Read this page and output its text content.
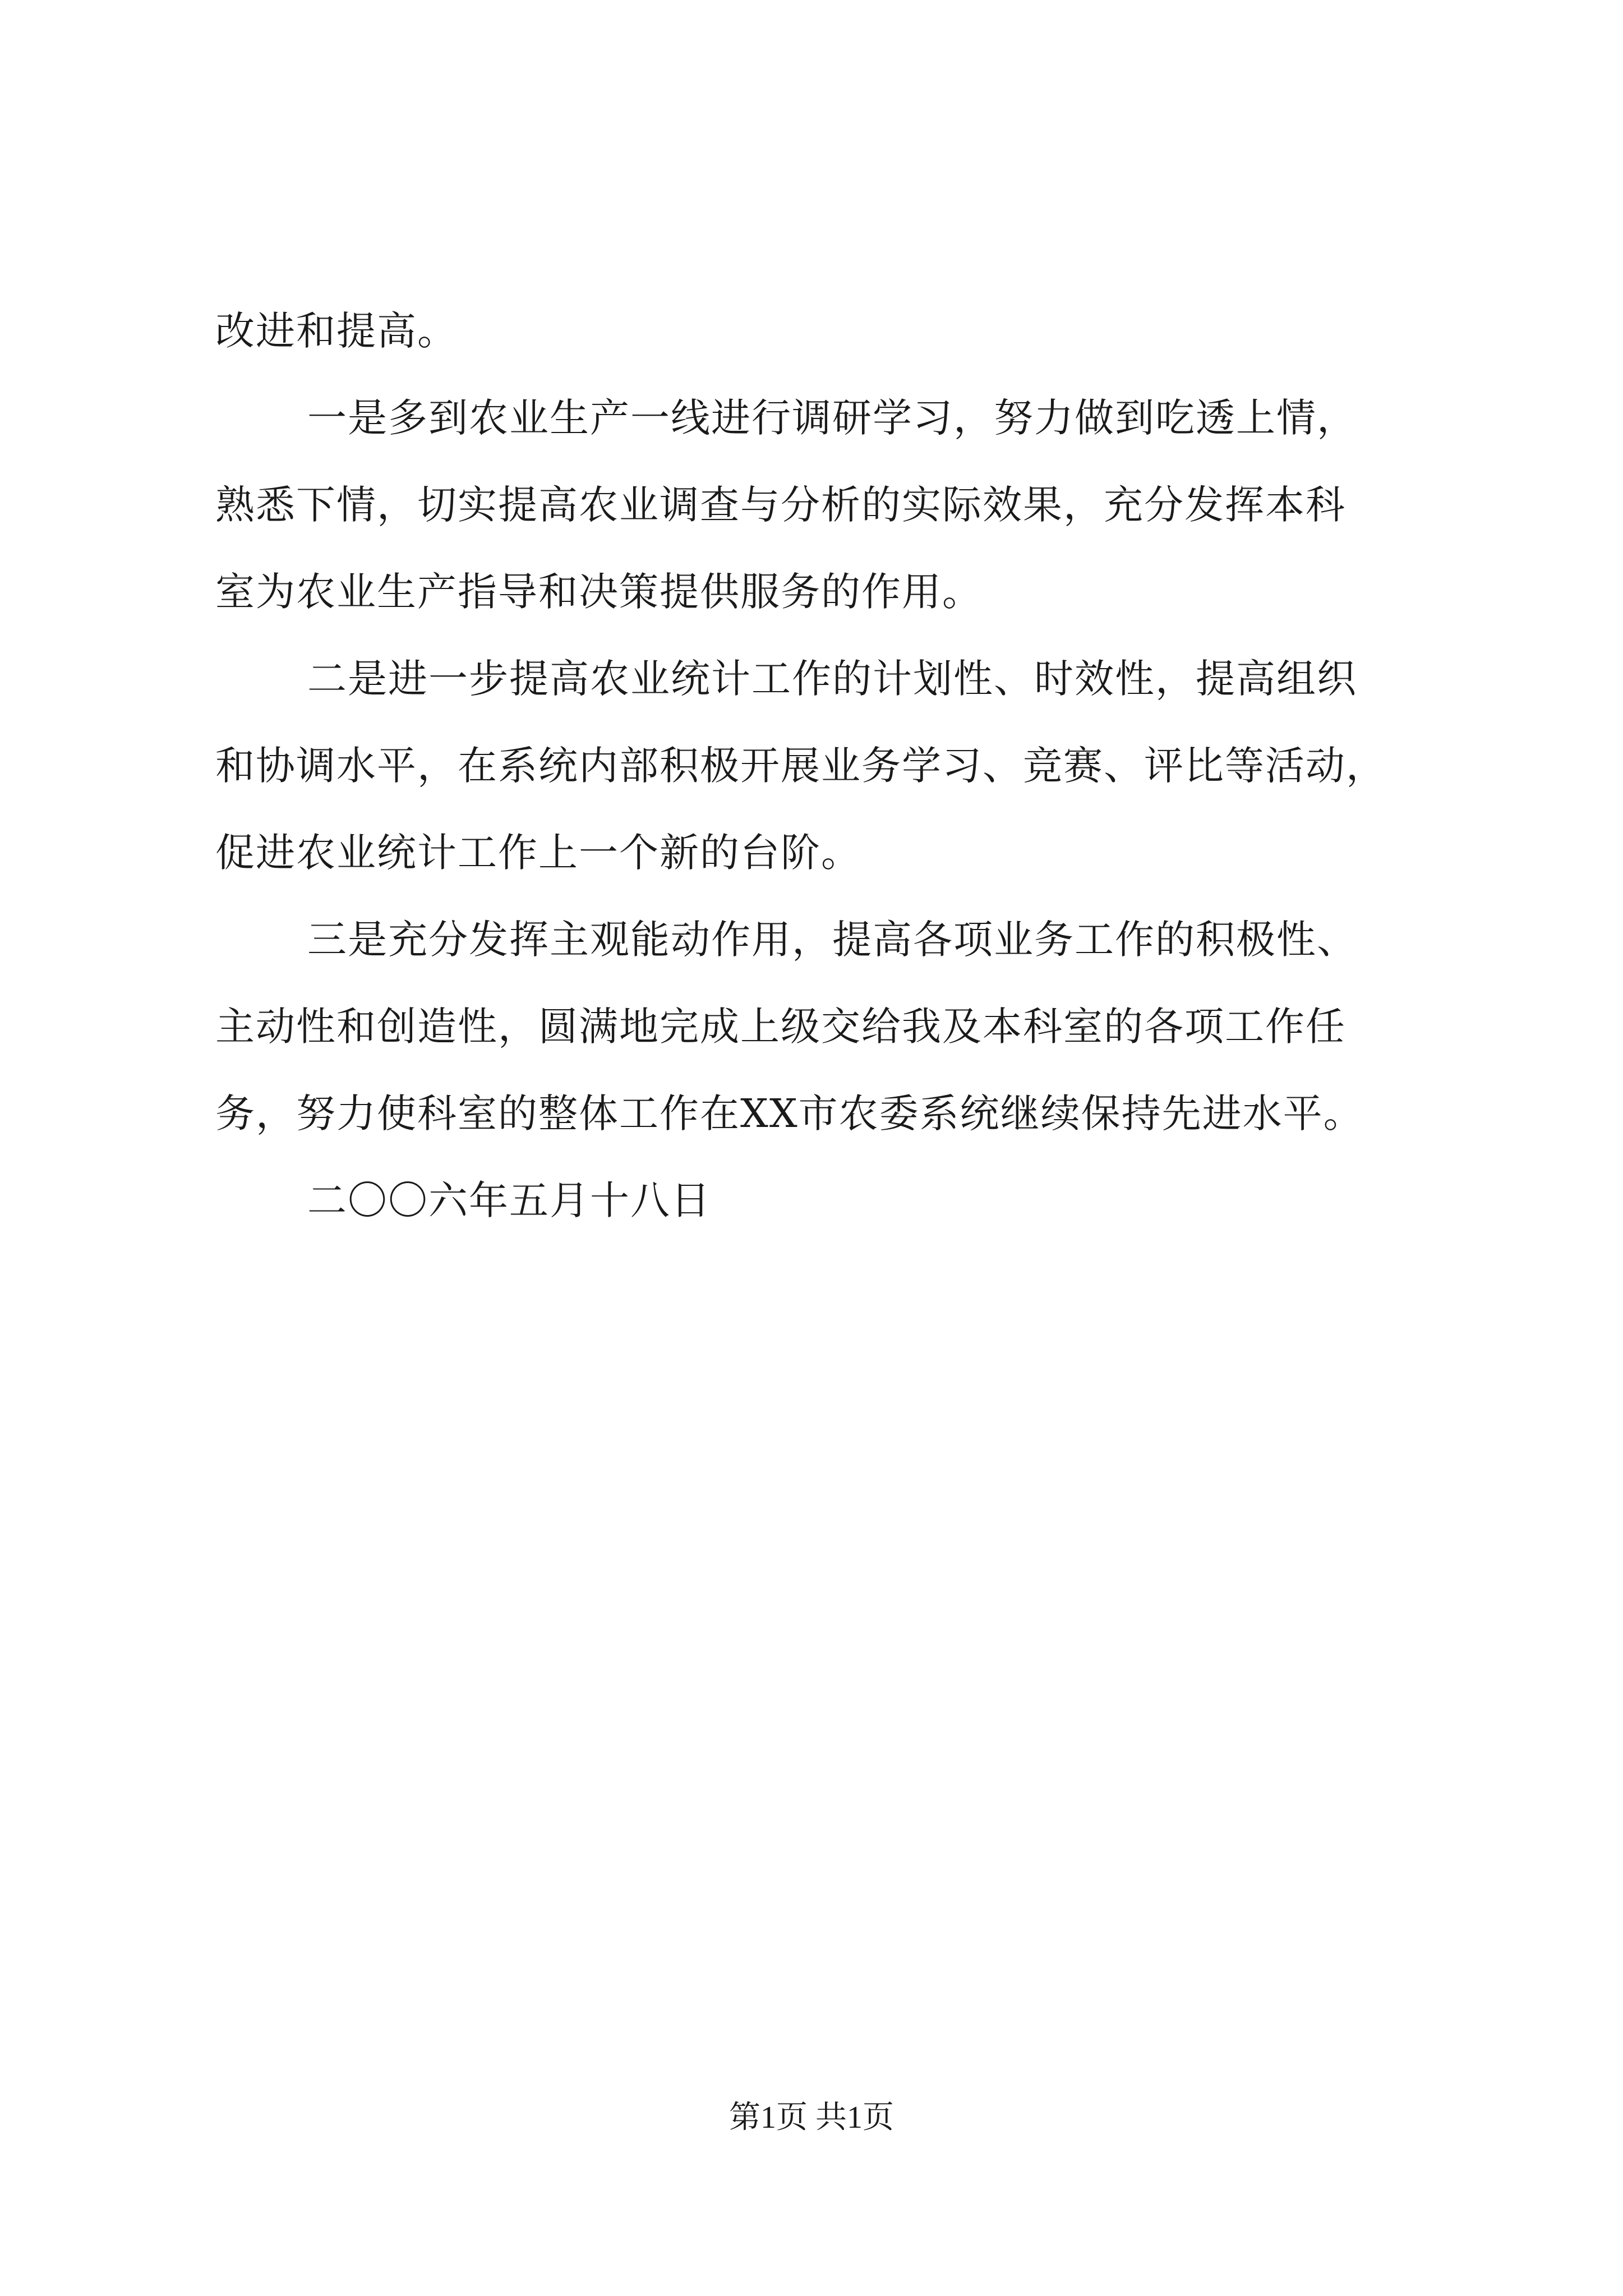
改进和提高。
一是多到农业生产一线进行调研学习，努力做到吃透上情，
熟悉下情，切实提高农业调查与分析的实际效果，充分发挥本科
室为农业生产指导和决策提供服务的作用。
二是进一步提高农业统计工作的计划性、时效性，提高组织
和协调水平，在系统内部积极开展业务学习、竞赛、评比等活动，
促进农业统计工作上一个新的台阶。
三是充分发挥主观能动作用，提高各项业务工作的积极性、
主动性和创造性，圆满地完成上级交给我及本科室的各项工作任
务，努力使科室的整体工作在XX市农委系统继续保持先进水平。
二〇〇六年五月十八日
第1页 共1页
